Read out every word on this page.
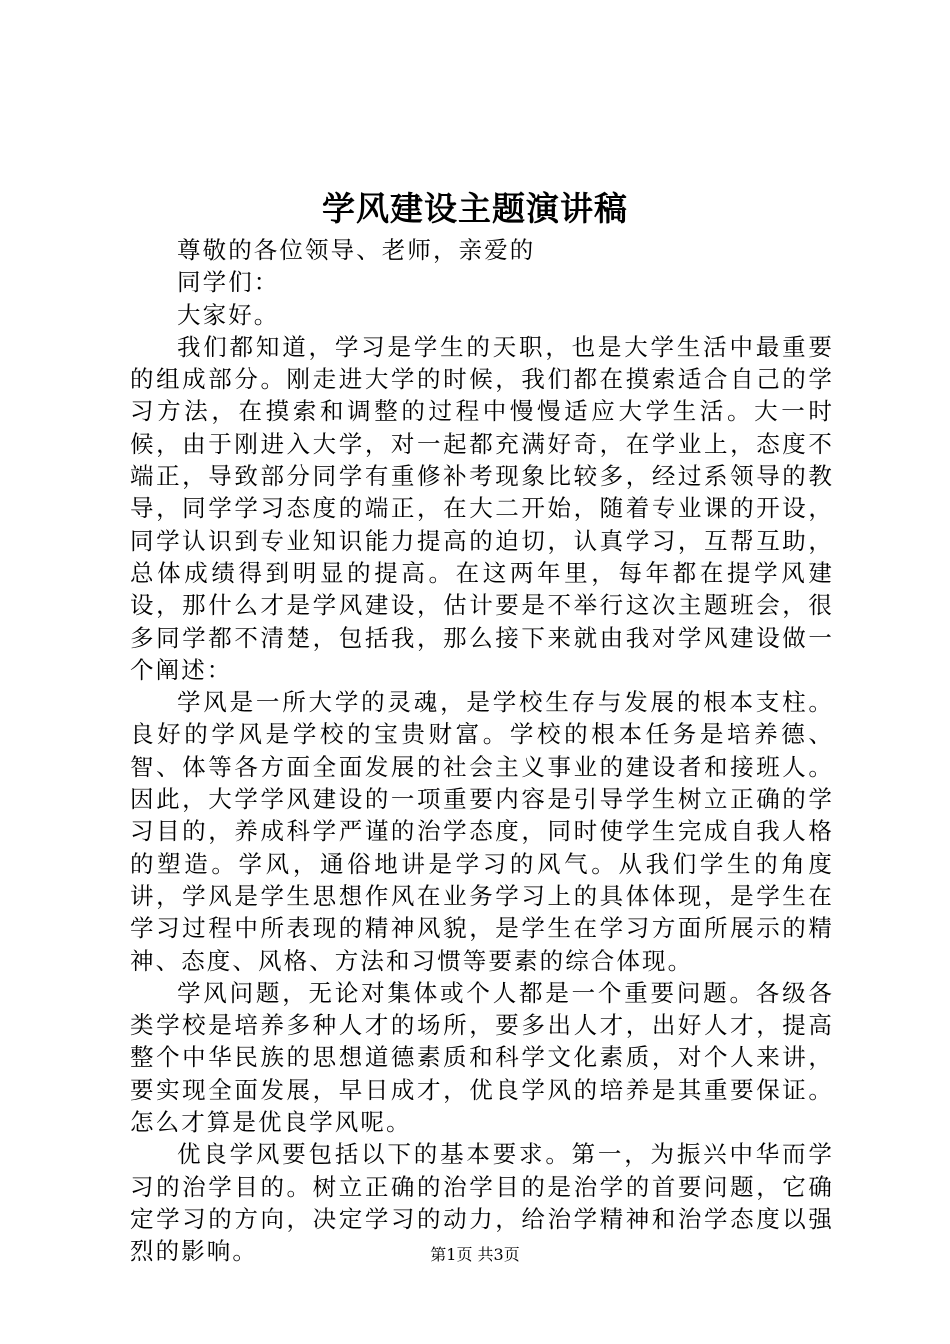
学风建设主题演讲稿

尊敬的各位领导、老师，亲爱的

同学们：

大家好。

我们都知道，学习是学生的天职，也是大学生活中最重要的组成部分。刚走进大学的时候，我们都在摸索适合自己的学习方法，在摸索和调整的过程中慢慢适应大学生活。大一时候，由于刚进入大学，对一起都充满好奇，在学业上，态度不端正，导致部分同学有重修补考现象比较多，经过系领导的教导，同学学习态度的端正，在大二开始，随着专业课的开设，同学认识到专业知识能力提高的迫切，认真学习，互帮互助，总体成绩得到明显的提高。在这两年里，每年都在提学风建设，那什么才是学风建设，估计要是不举行这次主题班会，很多同学都不清楚，包括我，那么接下来就由我对学风建设做一个阐述：

学风是一所大学的灵魂，是学校生存与发展的根本支柱。良好的学风是学校的宝贵财富。学校的根本任务是培养德、智、体等各方面全面发展的社会主义事业的建设者和接班人。因此，大学学风建设的一项重要内容是引导学生树立正确的学习目的，养成科学严谨的治学态度，同时使学生完成自我人格的塑造。学风，通俗地讲是学习的风气。从我们学生的角度讲，学风是学生思想作风在业务学习上的具体体现，是学生在学习过程中所表现的精神风貌，是学生在学习方面所展示的精神、态度、风格、方法和习惯等要素的综合体现。

学风问题，无论对集体或个人都是一个重要问题。各级各类学校是培养多种人才的场所，要多出人才，出好人才，提高整个中华民族的思想道德素质和科学文化素质，对个人来讲，要实现全面发展，早日成才，优良学风的培养是其重要保证。怎么才算是优良学风呢。

优良学风要包括以下的基本要求。第一，为振兴中华而学习的治学目的。树立正确的治学目的是治学的首要问题，它确定学习的方向，决定学习的动力，给治学精神和治学态度以强烈的影响。	第1页 共3页
